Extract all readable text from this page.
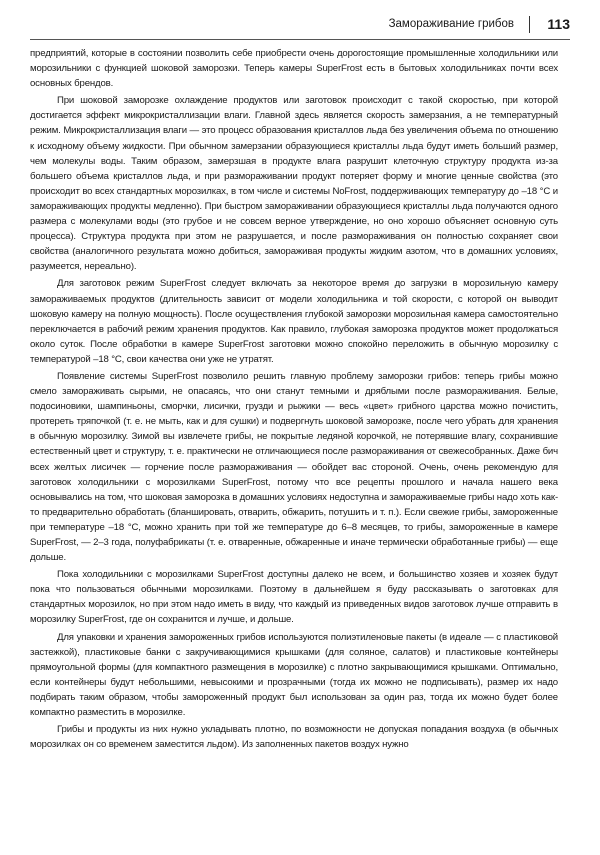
Замораживание грибов 113

предприятий, которые в состоянии позволить себе приобрести очень дорогостоящие промышленные холодильники или морозильники с функцией шоковой заморозки. Теперь камеры SuperFrost есть в бытовых холодильниках почти всех основных брендов.

При шоковой заморозке охлаждение продуктов или заготовок происходит с такой скоростью, при которой достигается эффект микрокристаллизации влаги. Главной здесь является скорость замерзания, а не температурный режим. Микрокристаллизация влаги — это процесс образования кристаллов льда без увеличения объема по отношению к исходному объему жидкости. При обычном замерзании образующиеся кристаллы льда будут иметь больший размер, чем молекулы воды. Таким образом, замерзшая в продукте влага разрушит клеточную структуру продукта из-за большего объема кристаллов льда, и при размораживании продукт потеряет форму и многие ценные свойства (это происходит во всех стандартных морозилках, в том числе и системы NoFrost, поддерживающих температуру до –18 °С и замораживающих продукты медленно). При быстром замораживании образующиеся кристаллы льда получаются одного размера с молекулами воды (это грубое и не совсем верное утверждение, но оно хорошо объясняет основную суть процесса). Структура продукта при этом не разрушается, и после размораживания он полностью сохраняет свои свойства (аналогичного результата можно добиться, замораживая продукты жидким азотом, что в домашних условиях, разумеется, нереально).

Для заготовок режим SuperFrost следует включать за некоторое время до загрузки в морозильную камеру замораживаемых продуктов (длительность зависит от модели холодильника и той скорости, с которой он выводит шоковую камеру на полную мощность). После осуществления глубокой заморозки морозильная камера самостоятельно переключается в рабочий режим хранения продуктов. Как правило, глубокая заморозка продуктов может продолжаться около суток. После обработки в камере SuperFrost заготовки можно спокойно переложить в обычную морозилку с температурой –18 °С, свои качества они уже не утратят.

Появление системы SuperFrost позволило решить главную проблему заморозки грибов: теперь грибы можно смело замораживать сырыми, не опасаясь, что они станут темными и дряблыми после размораживания. Белые, подосиновики, шампиньоны, сморчки, лисички, грузди и рыжики — весь «цвет» грибного царства можно почистить, протереть тряпочкой (т. е. не мыть, как и для сушки) и подвергнуть шоковой заморозке, после чего убрать для хранения в обычную морозилку. Зимой вы извлечете грибы, не покрытые ледяной корочкой, не потерявшие влагу, сохранившие естественный цвет и структуру, т. е. практически не отличающиеся после размораживания от свежесобранных. Даже бич всех желтых лисичек — горчение после размораживания — обойдет вас стороной. Очень, очень рекомендую для заготовок холодильники с морозилками SuperFrost, потому что все рецепты прошлого и начала нашего века основывались на том, что шоковая заморозка в домашних условиях недоступна и замораживаемые грибы надо хоть как-то предварительно обработать (бланшировать, отварить, обжарить, потушить и т. п.). Если свежие грибы, замороженные при температуре –18 °С, можно хранить при той же температуре до 6–8 месяцев, то грибы, замороженные в камере SuperFrost, — 2–3 года, полуфабрикаты (т. е. отваренные, обжаренные и иначе термически обработанные грибы) — еще дольше.

Пока холодильники с морозилками SuperFrost доступны далеко не всем, и большинство хозяев и хозяек будут пока что пользоваться обычными морозилками. Поэтому в дальнейшем я буду рассказывать о заготовках для стандартных морозилок, но при этом надо иметь в виду, что каждый из приведенных видов заготовок лучше отправить в морозилку SuperFrost, где он сохранится и лучше, и дольше.

Для упаковки и хранения замороженных грибов используются полиэтиленовые пакеты (в идеале — с пластиковой застежкой), пластиковые банки с закручивающимися крышками (для соляное, салатов) и пластиковые контейнеры прямоугольной формы (для компактного размещения в морозилке) с плотно закрывающимися крышками. Оптимально, если контейнеры будут небольшими, невысокими и прозрачными (тогда их можно не подписывать), размер их надо подбирать таким образом, чтобы замороженный продукт был использован за один раз, тогда их можно будет более компактно разместить в морозилке.

Грибы и продукты из них нужно укладывать плотно, по возможности не допуская попадания воздуха (в обычных морозилках он со временем заместится льдом). Из заполненных пакетов воздух нужно
